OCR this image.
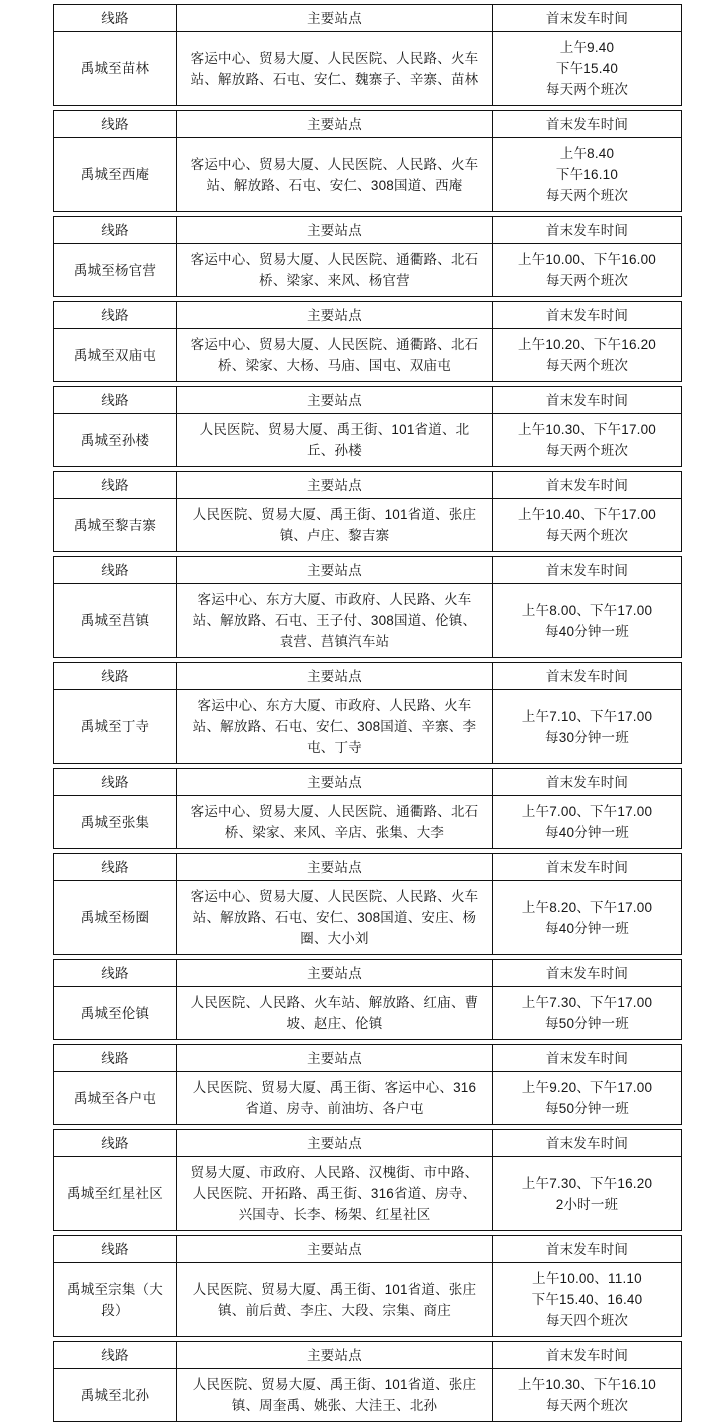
线路	主要站点	首末发车时间
禹城至苗林	客运中心、贸易大厦、人民医院、人民路、火车站、解放路、石屯、安仁、魏寨子、辛寨、苗林	上午9.40
下午15.40
每天两个班次
线路	主要站点	首末发车时间
禹城至西庵	客运中心、贸易大厦、人民医院、人民路、火车站、解放路、石屯、安仁、308国道、西庵	上午8.40
下午16.10
每天两个班次
线路	主要站点	首末发车时间
禹城至杨官营	客运中心、贸易大厦、人民医院、通衢路、北石桥、梁家、来风、杨官营	上午10.00、下午16.00
每天两个班次
线路	主要站点	首末发车时间
禹城至双庙屯	客运中心、贸易大厦、人民医院、通衢路、北石桥、梁家、大杨、马庙、国屯、双庙屯	上午10.20、下午16.20
每天两个班次
线路	主要站点	首末发车时间
禹城至孙楼	人民医院、贸易大厦、禹王街、101省道、北丘、孙楼	上午10.30、下午17.00
每天两个班次
线路	主要站点	首末发车时间
禹城至黎吉寨	人民医院、贸易大厦、禹王街、101省道、张庄镇、卢庄、黎吉寨	上午10.40、下午17.00
每天两个班次
线路	主要站点	首末发车时间
禹城至莒镇	客运中心、东方大厦、市政府、人民路、火车站、解放路、石屯、王子付、308国道、伦镇、袁营、莒镇汽车站	上午8.00、下午17.00
每40分钟一班
线路	主要站点	首末发车时间
禹城至丁寺	客运中心、东方大厦、市政府、人民路、火车站、解放路、石屯、安仁、308国道、辛寨、李屯、丁寺	上午7.10、下午17.00
每30分钟一班
线路	主要站点	首末发车时间
禹城至张集	客运中心、贸易大厦、人民医院、通衢路、北石桥、梁家、来风、辛店、张集、大李	上午7.00、下午17.00
每40分钟一班
线路	主要站点	首末发车时间
禹城至杨圈	客运中心、贸易大厦、人民医院、人民路、火车站、解放路、石屯、安仁、308国道、安庄、杨圈、大小刘	上午8.20、下午17.00
每40分钟一班
线路	主要站点	首末发车时间
禹城至伦镇	人民医院、人民路、火车站、解放路、红庙、曹坡、赵庄、伦镇	上午7.30、下午17.00
每50分钟一班
线路	主要站点	首末发车时间
禹城至各户屯	人民医院、贸易大厦、禹王街、客运中心、316省道、房寺、前油坊、各户屯	上午9.20、下午17.00
每50分钟一班
线路	主要站点	首末发车时间
禹城至红星社区	贸易大厦、市政府、人民路、汉槐街、市中路、人民医院、开拓路、禹王街、316省道、房寺、兴国寺、长李、杨架、红星社区	上午7.30、下午16.20
2小时一班
线路	主要站点	首末发车时间
禹城至宗集（大段）	人民医院、贸易大厦、禹王街、101省道、张庄镇、前后黄、李庄、大段、宗集、商庄	上午10.00、11.10
下午15.40、16.40
每天四个班次
线路	主要站点	首末发车时间
禹城至北孙	人民医院、贸易大厦、禹王街、101省道、张庄镇、周奎禹、姚张、大洼王、北孙	上午10.30、下午16.10
每天两个班次
